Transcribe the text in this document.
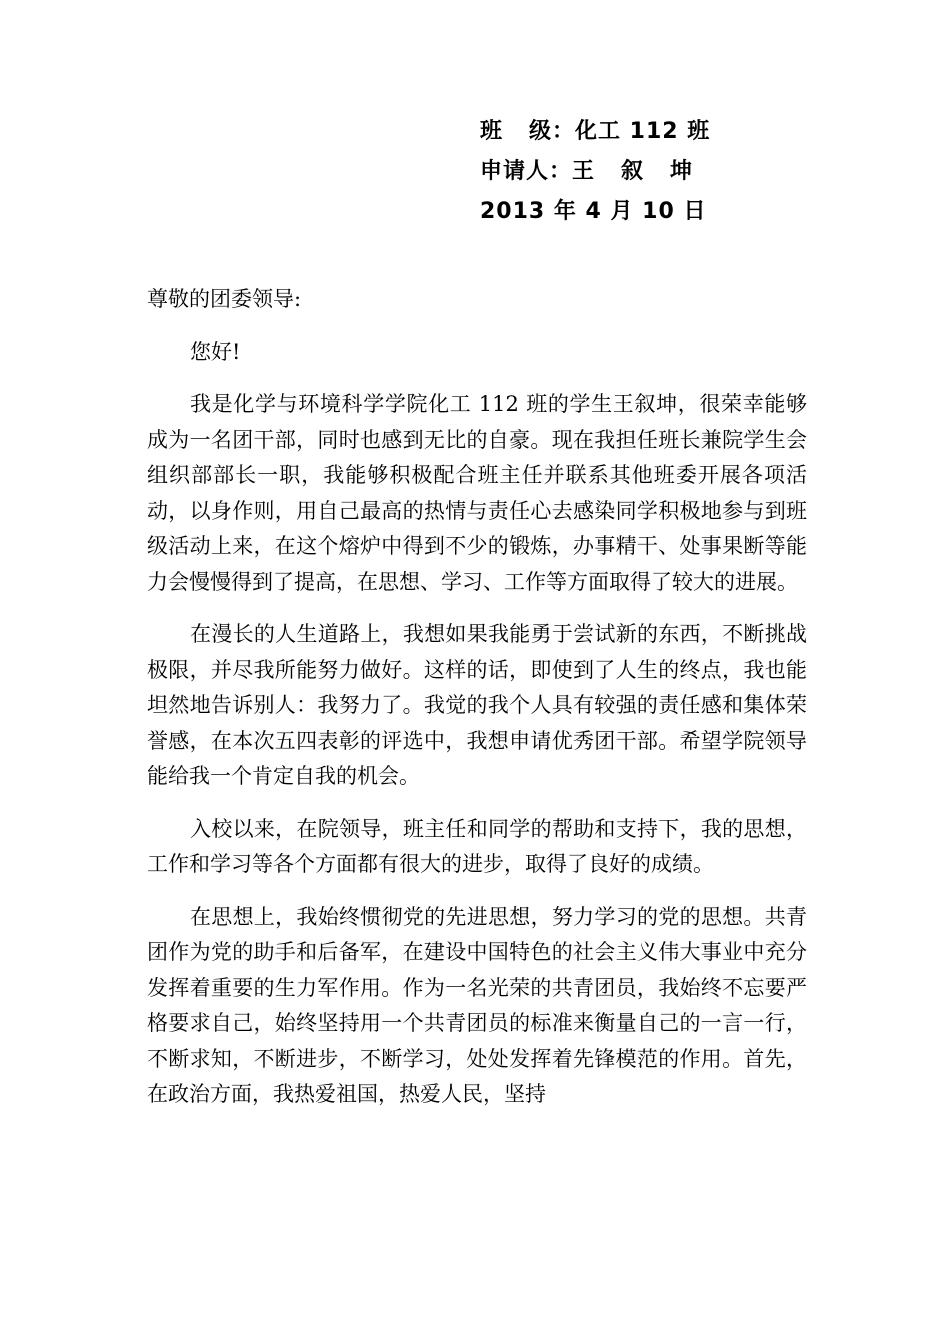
班   级：化工 112 班
申请人：王   叙   坤
2013 年 4 月 10 日
尊敬的团委领导:

您好!

我是化学与环境科学学院化工 112 班的学生王叙坤，很荣幸能够成为一名团干部，同时也感到无比的自豪。现在我担任班长兼院学生会组织部部长一职，我能够积极配合班主任并联系其他班委开展各项活动，以身作则，用自己最高的热情与责任心去感染同学积极地参与到班级活动上来，在这个熔炉中得到不少的锻炼，办事精干、处事果断等能力会慢慢得到了提高，在思想、学习、工作等方面取得了较大的进展。

在漫长的人生道路上，我想如果我能勇于尝试新的东西，不断挑战极限，并尽我所能努力做好。这样的话，即使到了人生的终点，我也能坦然地告诉别人：我努力了。我觉的我个人具有较强的责任感和集体荣誉感，在本次五四表彰的评选中，我想申请优秀团干部。希望学院领导能给我一个肯定自我的机会。

入校以来，在院领导，班主任和同学的帮助和支持下，我的思想，工作和学习等各个方面都有很大的进步，取得了良好的成绩。

在思想上，我始终惯彻党的先进思想，努力学习的党的思想。共青团作为党的助手和后备军，在建设中国特色的社会主义伟大事业中充分发挥着重要的生力军作用。作为一名光荣的共青团员，我始终不忘要严格要求自己，始终坚持用一个共青团员的标准来衡量自己的一言一行，不断求知，不断进步，不断学习，处处发挥着先锋模范的作用。首先，在政治方面，我热爱祖国，热爱人民，坚持
